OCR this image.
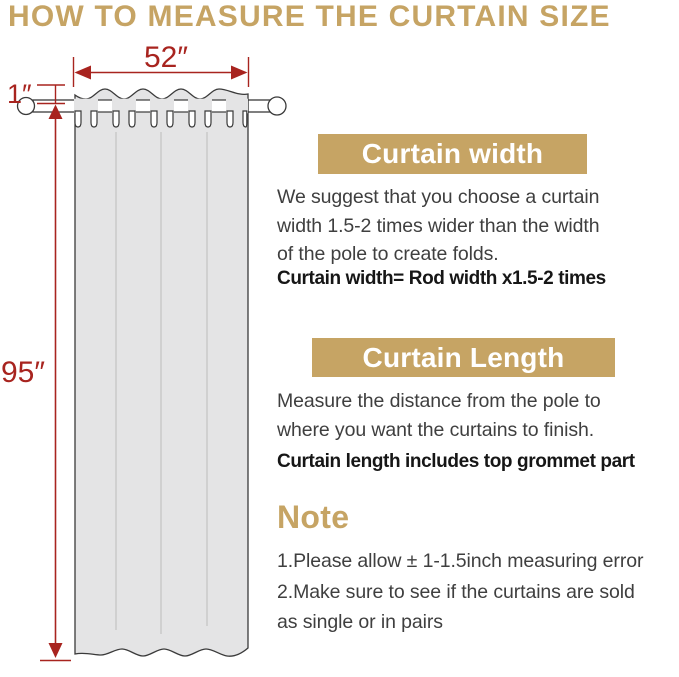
HOW TO MEASURE THE CURTAIN SIZE
52″
1″
95″
Curtain width
We suggest that you choose a curtain
width 1.5-2 times wider than the width
of the pole to create folds.
Curtain width= Rod width x1.5-2 times
Curtain Length
Measure the distance from the pole to
where you want the curtains to finish.
Curtain length includes top grommet part
Note
1.Please allow ± 1-1.5inch measuring error
2.Make sure to see if the curtains are sold
as single or in pairs
